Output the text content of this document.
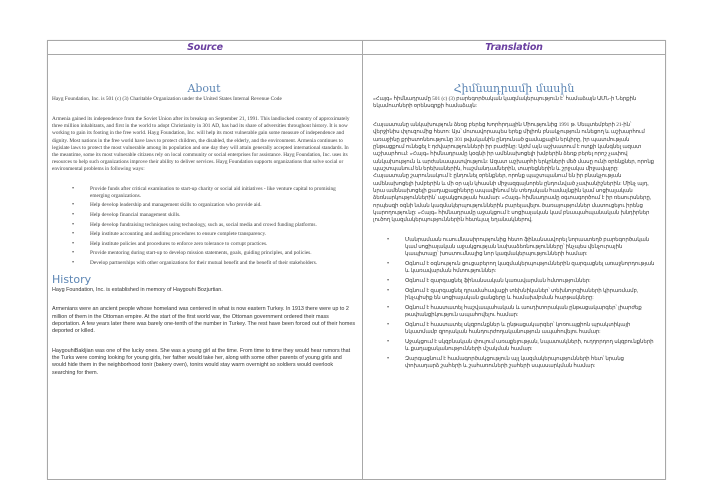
Source	Translation
About
Hayg Foundation, Inc. is 501 (c) (3) Charitable Organization under the United States Internal Revenue Code
Armenia gained its independence from the Soviet Union after its breakup on September 21, 1991. This landlocked country of approximately three million inhabitants, and first in the world to adopt Christianity in 301 AD, has had its share of adversities throughout history. It is now working to gain its footing in the free world. Hayg Foundation, Inc. will help its most vulnerable gain some measure of independence and dignity. Most nations in the free world have laws to protect children, the disabled, the elderly, and the environment. Armenia continues to legislate laws to protect the most vulnerable among its population and one day they will attain generally accepted international standards. In the meantime, some its most vulnerable citizens rely on local community or social enterprises for assistance. Hayg Foundation, Inc. uses its resources to help such organizations improve their ability to deliver services. Hayg Foundation supports organizations that solve social or environmental problems in following ways:
•	Provide funds after critical examination to start-up charity or social aid initiatives - like venture capital to promising emerging organizations.
•	Help develop leadership and management skills to organization who provide aid.
•	Help develop financial management skills.
•	Help develop fundraising techniques using technology, such as, social media and crowd funding platforms.
•	Help institute accounting and auditing procedures to ensure complete transparency.
•	Help institute policies and procedures to enforce zero tolerance to corrupt practices.
•	Provide mentoring during start-up to develop mission statements, goals, guiding principles, and policies.
•	Develop partnerships with other organizations for their mutual benefit and the benefit of their stakeholders.
History
Hayg Foundation, Inc. is established in memory of Haygouhi Bozjurtian.
Armenians were an ancient people whose homeland was centered in what is now eastern Turkey. In 1913 there were up to 2 million of them in the Ottoman empire. At the start of the first world war, the Ottoman government ordered their mass deportation. A few years later there was barely one-tenth of the number in Turkey. The rest have been forced out of their homes deported or killed.
HaygouhiBakljian was one of the lucky ones. She was a young girl at the time. From time to time they would hear rumors that the Turks were coming looking for young girls, her father would take her, along with some other parents of young girls and would hide them in the neighborhood tonir (bakery oven), tonirs would stay warm overnight so soldiers would overlook searching for them.
Հիմնադրամի մասին
«Հայգ» հիմնադրամը 501 (c) (3) բարեգործական կազմակերպություն է՝ համաձայն ԱՄՆ-ի Ներքին եկամուտների օրենսգրքի համաձայն:
Հայաստանը անկախություն ձեռք բերեց Խորհրդային Միությունից 1991 թ. Սեպտեմբերի 21-ին՝ վերջինիս փլուզումից հետո: Այս՝ մոտավորապես երեք միլիոն բնակչություն ունեցող և աշխարհում առաջինը քրիստոնեությունը 301 թվականին ընդունած ցամաքային երկիրը, իր պատմության ընթացքում ունեցել է դժվարությունների իր բաժինը: Այժմ այն աշխատում է ոտքի կանգնել ազատ աշխարհում: «Հայգ» հիմնադրամը կօգնի իր ամենախոցելի խմբերին ձեռք բերել որոշ չափով անկախություն և արժանապատվություն: Ազատ աշխարհի երկրների մեծ մասը ունի օրենքներ, որոնք պաշտպանում են երեխաներին, հաշմանդամներին, տարեցներին և շրջակա միջավայրը: Հայաստանը շարունակում է ընդունել օրենքներ, որոնք պաշտպանում են իր բնակչության ամենախոցելի խմբերին և մի օր այն կհասնի միջազգայնորեն ընդունված չափանիշներին: Մինչ այդ, նրա ամենախոցելի քաղաքացիները ապավինում են տեղական համայնքին կամ սոցիալական ձեռնարկություններին՝ աջակցության համար: «Հայգ» հիմնադրամը օգտագործում է իր ռեսուրսները, որպեսզի օգնի նման կազմակերպություններին բարելավելու ծառայություններ մատուցելու իրենց կարողությունը: «Հայգ» հիմնադրամը աջակցում է սոցիալական կամ բնապահպանական խնդիրներ լուծող կազմակերպություններին հետևյալ եղանակներով.
•	Մանրամասն ուսումնասիրությունից հետո ֆինանսավորել նորաստեղծ բարեգործական կամ սոցիալական աջակցության նախաձեռնությունները՝ ինչպես վենչուրային կապիտալը՝ խոստումնալից նոր կազմակերպությունների համար:
•	Օգնում է օգնություն ցուցաբերող կազմակերպություններին զարգացնել առաջնորդության և կառավարման հմտություններ:
•	Օգնում է զարգացնել ֆինանսական կառավարման հմտություններ:
•	Օգնում է զարգացնել դրամահավաքի տեխնիկաներ՝ տեխնոլոգիաների կիրառմամբ, ինչպիսիք են սոցիալական ցանցերը և համախմբման հարթակները:
•	Օգնում է հաստատել հաշվապահական և աուդիտորական ընթացակարգեր՝ լիարժեք թափանցիկություն ապահովելու համար:
•	Օգնում է հաստատել սկզբունքներ և ընթացակարգեր՝ կոռուպցիոն պրակտիկայի նկատմամբ զրոյական հանդուրժողականություն ապահովելու համար:
•	Աջակցում է սկզբնական փուլում առաքելության, նպատակների, ուղղորդող սկզբունքների և քաղաքականությունների մշակման համար:
•	Զարգացնում է համագործակցություն այլ կազմակերպությունների հետ՝ նրանց փոխադարձ շահերի և շահառուների շահերի սպասարկման համար:
